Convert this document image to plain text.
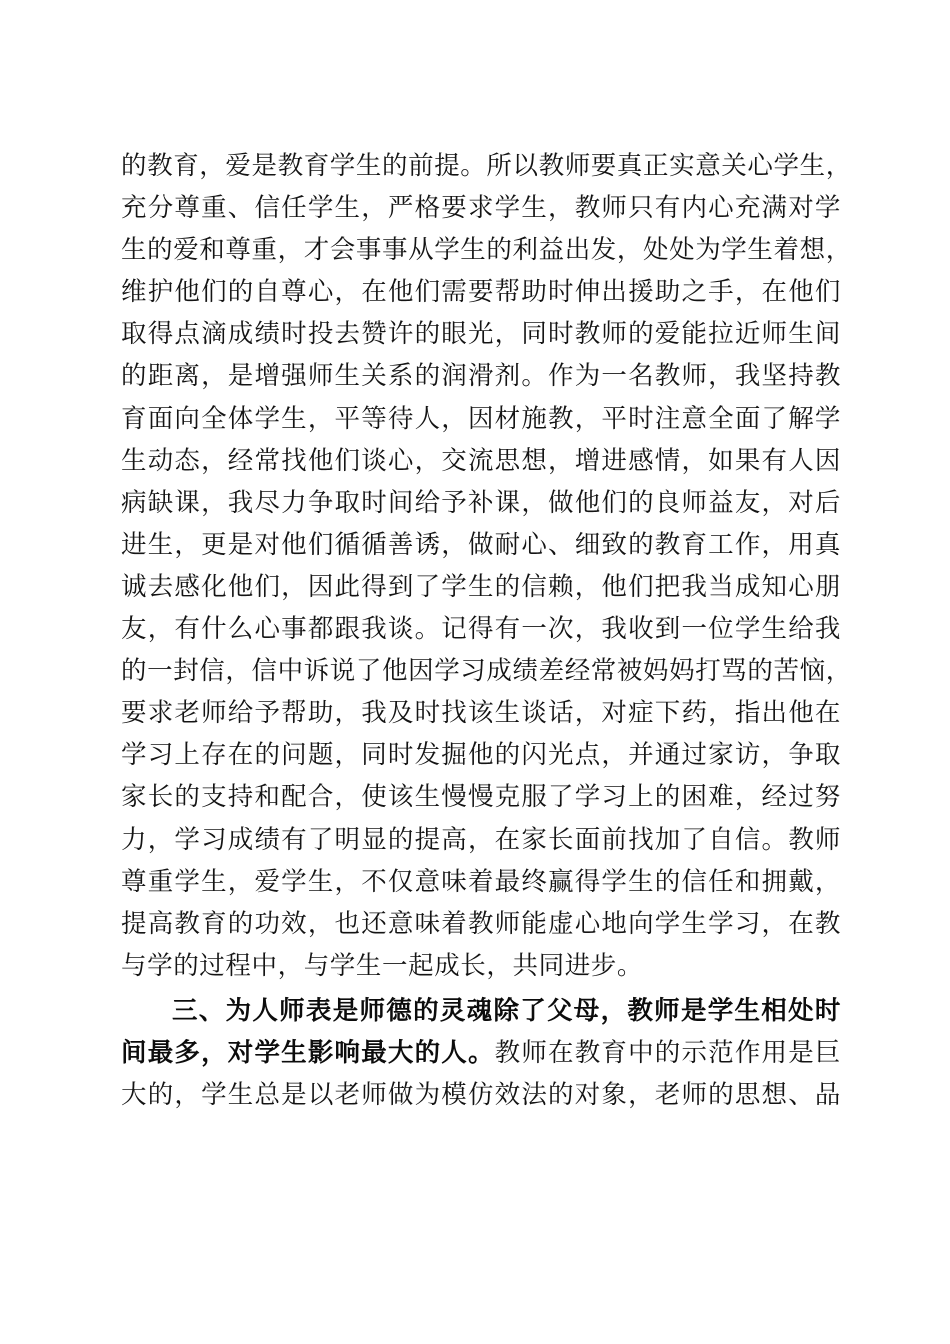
的教育，爱是教育学生的前提。所以教师要真正实意关心学生，
充分尊重、信任学生，严格要求学生，教师只有内心充满对学
生的爱和尊重，才会事事从学生的利益出发，处处为学生着想，
维护他们的自尊心，在他们需要帮助时伸出援助之手，在他们
取得点滴成绩时投去赞许的眼光，同时教师的爱能拉近师生间
的距离，是增强师生关系的润滑剂。作为一名教师，我坚持教
育面向全体学生，平等待人，因材施教，平时注意全面了解学
生动态，经常找他们谈心，交流思想，增进感情，如果有人因
病缺课，我尽力争取时间给予补课，做他们的良师益友，对后
进生，更是对他们循循善诱，做耐心、细致的教育工作，用真
诚去感化他们，因此得到了学生的信赖，他们把我当成知心朋
友，有什么心事都跟我谈。记得有一次，我收到一位学生给我
的一封信，信中诉说了他因学习成绩差经常被妈妈打骂的苦恼，
要求老师给予帮助，我及时找该生谈话，对症下药，指出他在
学习上存在的问题，同时发掘他的闪光点，并通过家访，争取
家长的支持和配合，使该生慢慢克服了学习上的困难，经过努
力，学习成绩有了明显的提高，在家长面前找加了自信。教师
尊重学生，爱学生，不仅意味着最终赢得学生的信任和拥戴，
提高教育的功效，也还意味着教师能虚心地向学生学习，在教
与学的过程中，与学生一起成长，共同进步。
三、为人师表是师德的灵魂除了父母，教师是学生相处时
间最多，对学生影响最大的人。教师在教育中的示范作用是巨
大的，学生总是以老师做为模仿效法的对象，老师的思想、品
